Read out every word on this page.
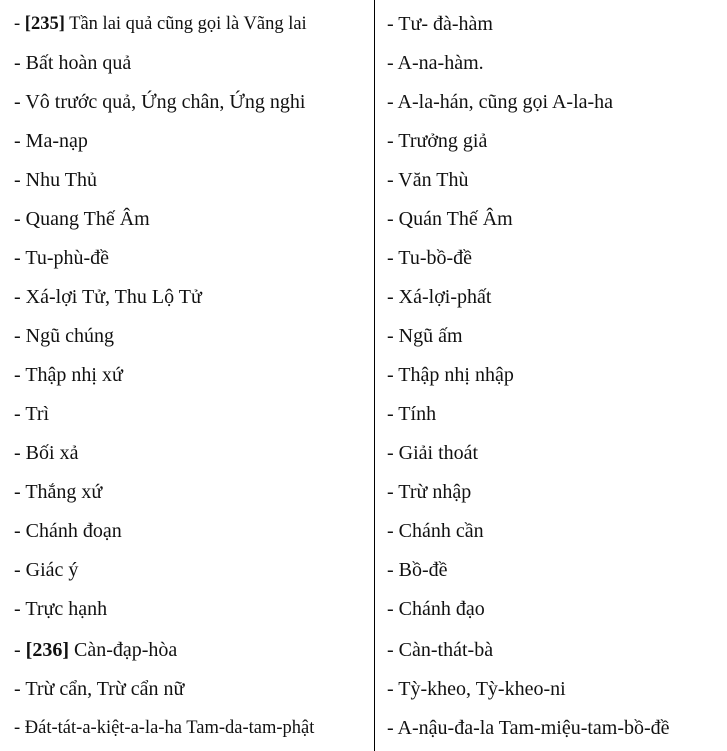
- [235] Tần lai quả cũng gọi là Vãng lai
- Bất hoàn quả
- Vô trước quả, Ứng chân, Ứng nghi
- Ma-nạp
- Nhu Thủ
- Quang Thế Âm
- Tu-phù-đề
- Xá-lợi Tử, Thu Lộ Tử
- Ngũ chúng
- Thập nhị xứ
- Trì
- Bối xả
- Thắng xứ
- Chánh đoạn
- Giác ý
- Trực hạnh
- [236] Càn-đạp-hòa
- Trừ cẩn, Trừ cẩn nữ
- Đát-tát-a-kiệt-a-la-ha Tam-da-tam-phật
- Tư- đà-hàm
- A-na-hàm.
- A-la-hán, cũng gọi A-la-ha
- Trưởng giả
- Văn Thù
- Quán Thế Âm
- Tu-bồ-đề
- Xá-lợi-phất
- Ngũ ấm
- Thập nhị nhập
- Tính
- Giải thoát
- Trừ nhập
- Chánh cần
- Bồ-đề
- Chánh đạo
- Càn-thát-bà
- Tỳ-kheo, Tỳ-kheo-ni
- A-nậu-đa-la Tam-miệu-tam-bồ-đề
